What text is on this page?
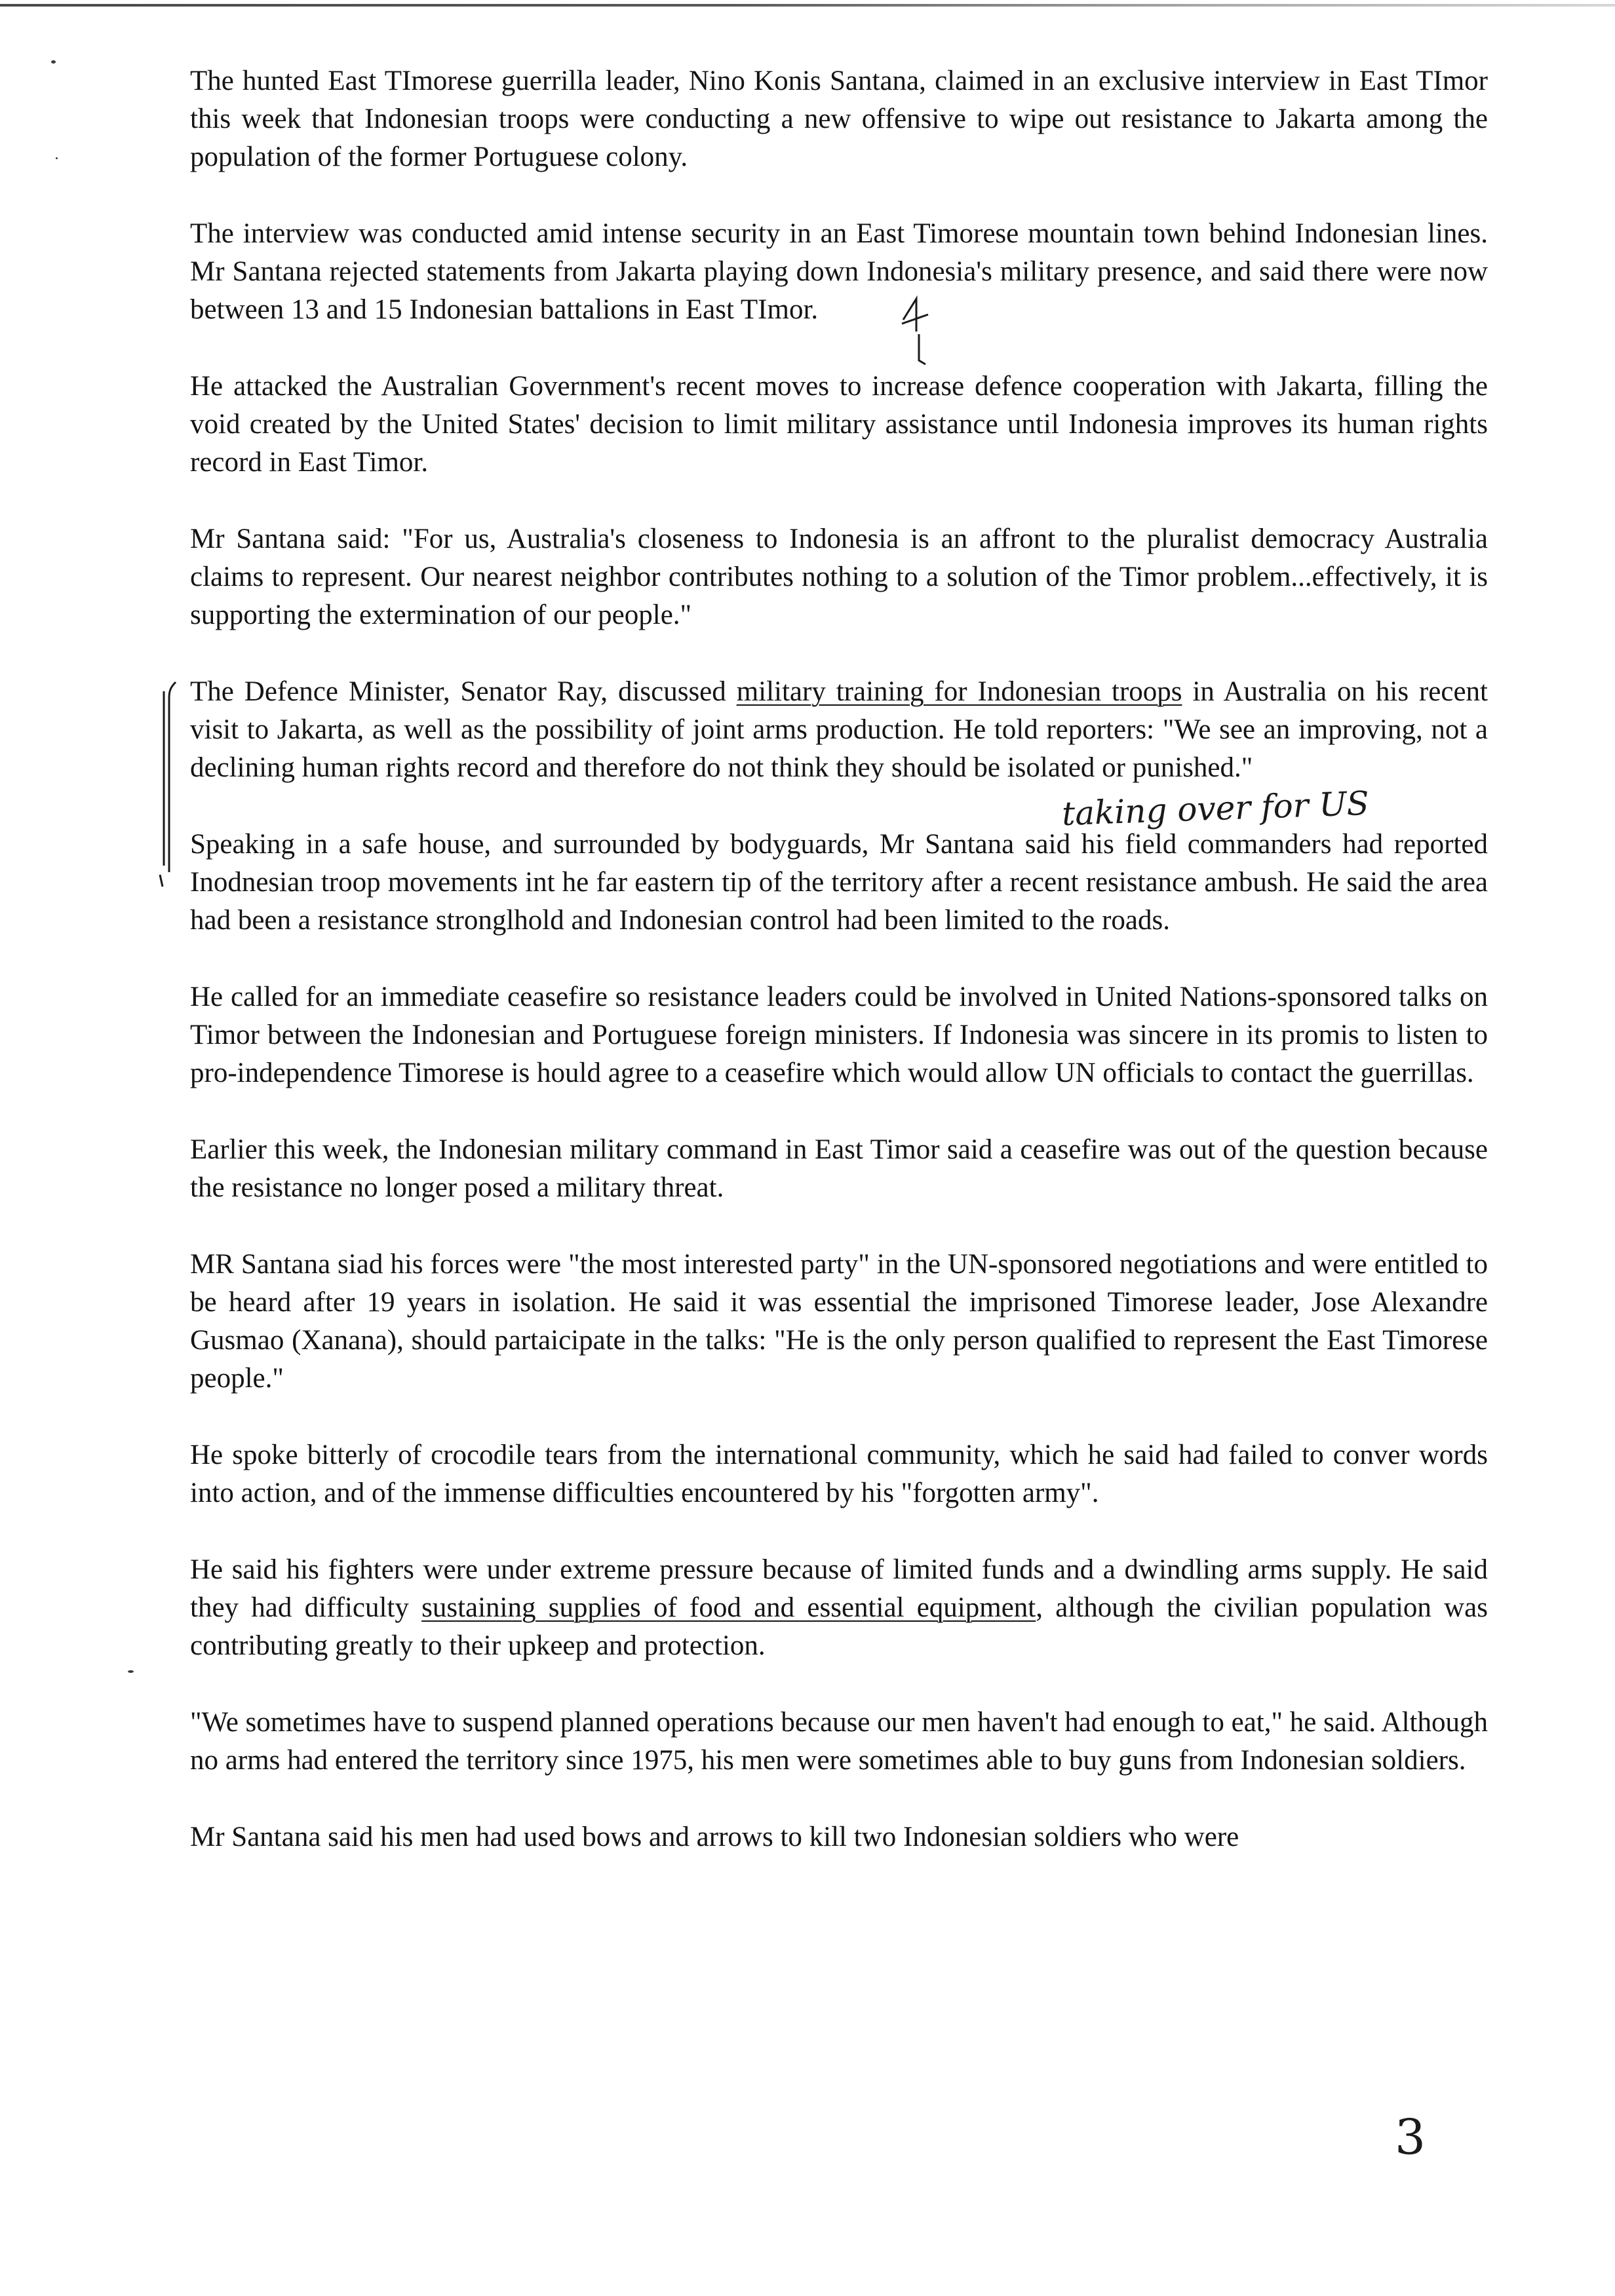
The hunted East TImorese guerrilla leader, Nino Konis Santana, claimed in an exclusive interview in East TImor this week that Indonesian troops were conducting a new offensive to wipe out resistance to Jakarta among the population of the former Portuguese colony.

The interview was conducted amid intense security in an East Timorese mountain town behind Indonesian lines. Mr Santana rejected statements from Jakarta playing down Indonesia's military presence, and said there were now between 13 and 15 Indonesian battalions in East TImor.

He attacked the Australian Government's recent moves to increase defence cooperation with Jakarta, filling the void created by the United States' decision to limit military assistance until Indonesia improves its human rights record in East Timor.

Mr Santana said: "For us, Australia's closeness to Indonesia is an affront to the pluralist democracy Australia claims to represent. Our nearest neighbor contributes nothing to a solution of the Timor problem...effectively, it is supporting the extermination of our people."

The Defence Minister, Senator Ray, discussed military training for Indonesian troops in Australia on his recent visit to Jakarta, as well as the possibility of joint arms production. He told reporters: "We see an improving, not a declining human rights record and therefore do not think they should be isolated or punished."

Speaking in a safe house, and surrounded by bodyguards, Mr Santana said his field commanders had reported Inodnesian troop movements int he far eastern tip of the territory after a recent resistance ambush. He said the area had been a resistance stronglhold and Indonesian control had been limited to the roads.

He called for an immediate ceasefire so resistance leaders could be involved in United Nations-sponsored talks on Timor between the Indonesian and Portuguese foreign ministers. If Indonesia was sincere in its promis to listen to pro-independence Timorese is hould agree to a ceasefire which would allow UN officials to contact the guerrillas.

Earlier this week, the Indonesian military command in East Timor said a ceasefire was out of the question because the resistance no longer posed a military threat.

MR Santana siad his forces were "the most interested party" in the UN-sponsored negotiations and were entitled to be heard after 19 years in isolation. He said it was essential the imprisoned Timorese leader, Jose Alexandre Gusmao (Xanana), should partaicipate in the talks: "He is the only person qualified to represent the East Timorese people."

He spoke bitterly of crocodile tears from the international community, which he said had failed to conver words into action, and of the immense difficulties encountered by his "forgotten army".

He said his fighters were under extreme pressure because of limited funds and a dwindling arms supply. He said they had difficulty sustaining supplies of food and essential equipment, although the civilian population was contributing greatly to their upkeep and protection.

"We sometimes have to suspend planned operations because our men haven't had enough to eat," he said. Although no arms had entered the territory since 1975, his men were sometimes able to buy guns from Indonesian soldiers.

Mr Santana said his men had used bows and arrows to kill two Indonesian soldiers who were

taking over for US
3
